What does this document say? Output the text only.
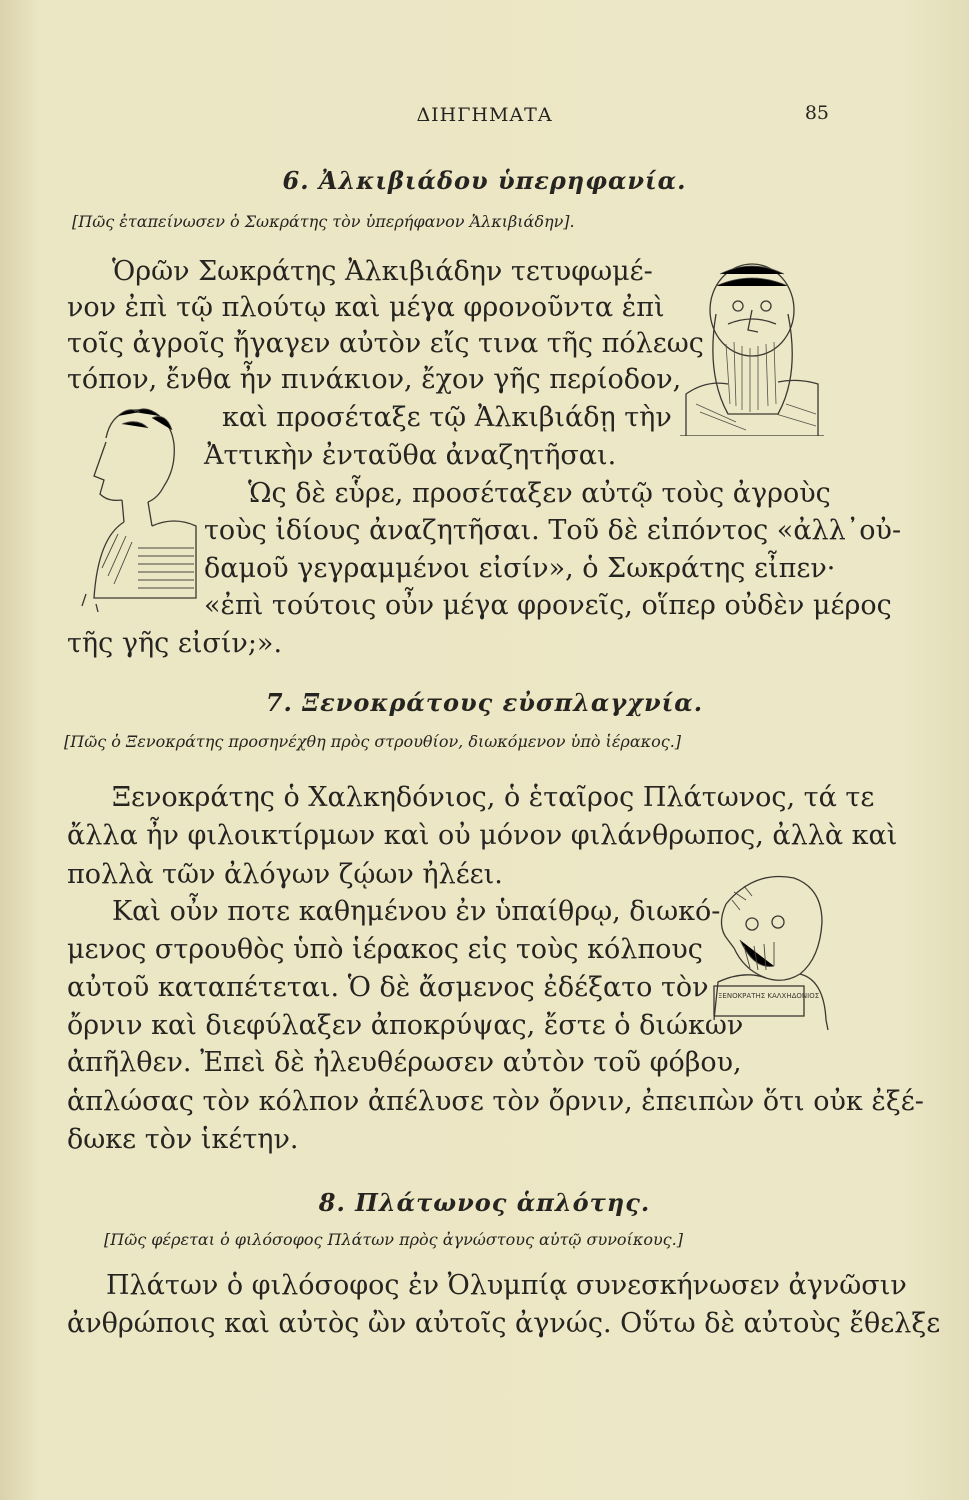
ΔΙΗΓΗΜΑΤΑ	85
6. Ἀλκιβιάδου ὑπερηφανία.
[Πῶς ἐταπείνωσεν ὁ Σωκράτης τὸν ὑπερήφανον Ἀλκιβιάδην].
Ὁρῶν Σωκράτης Ἀλκιβιάδην τετυφωμέ-
νον ἐπὶ τῷ πλούτῳ καὶ μέγα φρονοῦντα ἐπὶ
τοῖς ἀγροῖς ἤγαγεν αὐτὸν εἴς τινα τῆς πόλεως
τόπον, ἔνθα ἦν πινάκιον, ἔχον γῆς περίοδον,
καὶ προσέταξε τῷ Ἀλκιβιάδῃ τὴν
Ἀττικὴν ἐνταῦθα ἀναζητῆσαι.
Ὡς δὲ εὗρε, προσέταξεν αὐτῷ τοὺς ἀγροὺς
τοὺς ἰδίους ἀναζητῆσαι. Τοῦ δὲ εἰπόντος «ἀλλ᾽οὐ-
δαμοῦ γεγραμμένοι εἰσίν», ὁ Σωκράτης εἶπεν·
«ἐπὶ τούτοις οὖν μέγα φρονεῖς, οἵπερ οὐδὲν μέρος
τῆς γῆς εἰσίν;».
7. Ξενοκράτους εὐσπλαγχνία.
[Πῶς ὁ Ξενοκράτης προσηνέχθη πρὸς στρουθίον, διωκόμενον ὑπὸ ἱέρακος.]
Ξενοκράτης ὁ Χαλκηδόνιος, ὁ ἑταῖρος Πλάτωνος, τά τε
ἄλλα ἦν φιλοικτίρμων καὶ οὐ μόνον φιλάνθρωπος, ἀλλὰ καὶ
πολλὰ τῶν ἀλόγων ζῴων ἠλέει.
Καὶ οὖν ποτε καθημένου ἐν ὑπαίθρῳ, διωκό-
μενος στρουθὸς ὑπὸ ἱέρακος εἰς τοὺς κόλπους
αὐτοῦ καταπέτεται. Ὁ δὲ ἄσμενος ἐδέξατο τὸν
ὄρνιν καὶ διεφύλαξεν ἀποκρύψας, ἔστε ὁ διώκων
ἀπῆλθεν. Ἐπεὶ δὲ ἠλευθέρωσεν αὐτὸν τοῦ φόβου,
ἁπλώσας τὸν κόλπον ἀπέλυσε τὸν ὄρνιν, ἐπειπὼν ὅτι οὐκ ἐξέ-
δωκε τὸν ἱκέτην.
ΞΕΝΟΚΡΑΤΗΣ ΚΑΛΧΗΔΟΝΙΟΣ
8. Πλάτωνος ἁπλότης.
[Πῶς φέρεται ὁ φιλόσοφος Πλάτων πρὸς ἀγνώστους αὐτῷ συνοίκους.]
Πλάτων ὁ φιλόσοφος ἐν Ὀλυμπίᾳ συνεσκήνωσεν ἀγνῶσιν
ἀνθρώποις καὶ αὐτὸς ὢν αὐτοῖς ἀγνώς. Οὕτω δὲ αὐτοὺς ἔθελξε
